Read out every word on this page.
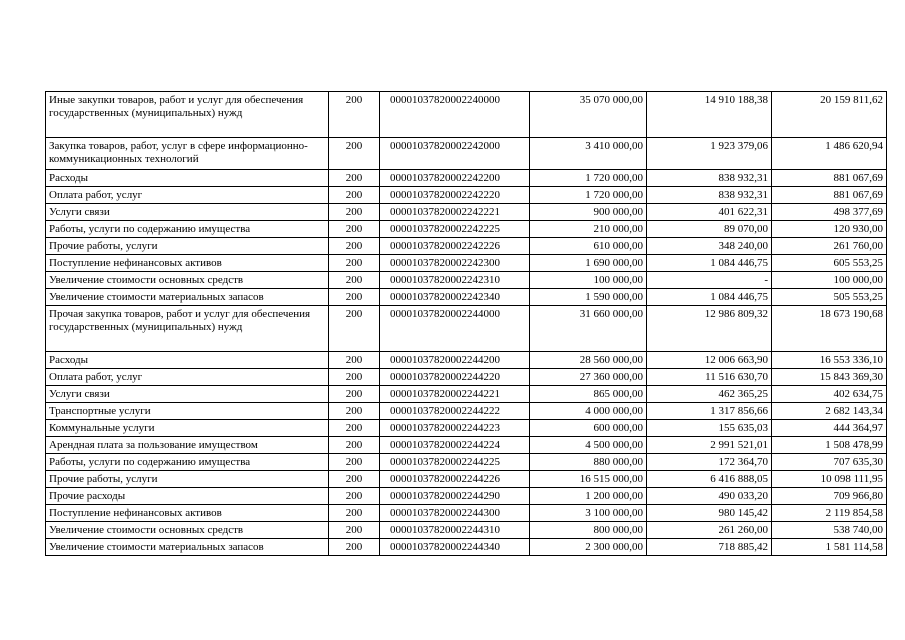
Иные закупки товаров, работ и услуг для обеспечения государственных (муниципальных) нужд	200	00001037820002240000	35 070 000,00	14 910 188,38	20 159 811,62
Закупка товаров, работ, услуг в сфере информационно-коммуникационных технологий	200	00001037820002242000	3 410 000,00	1 923 379,06	1 486 620,94
Расходы	200	00001037820002242200	1 720 000,00	838 932,31	881 067,69
Оплата работ, услуг	200	00001037820002242220	1 720 000,00	838 932,31	881 067,69
Услуги связи	200	00001037820002242221	900 000,00	401 622,31	498 377,69
Работы, услуги по содержанию имущества	200	00001037820002242225	210 000,00	89 070,00	120 930,00
Прочие работы, услуги	200	00001037820002242226	610 000,00	348 240,00	261 760,00
Поступление нефинансовых активов	200	00001037820002242300	1 690 000,00	1 084 446,75	605 553,25
Увеличение стоимости основных средств	200	00001037820002242310	100 000,00	-	100 000,00
Увеличение стоимости материальных запасов	200	00001037820002242340	1 590 000,00	1 084 446,75	505 553,25
Прочая закупка товаров, работ и услуг для обеспечения государственных (муниципальных) нужд	200	00001037820002244000	31 660 000,00	12 986 809,32	18 673 190,68
Расходы	200	00001037820002244200	28 560 000,00	12 006 663,90	16 553 336,10
Оплата работ, услуг	200	00001037820002244220	27 360 000,00	11 516 630,70	15 843 369,30
Услуги связи	200	00001037820002244221	865 000,00	462 365,25	402 634,75
Транспортные услуги	200	00001037820002244222	4 000 000,00	1 317 856,66	2 682 143,34
Коммунальные услуги	200	00001037820002244223	600 000,00	155 635,03	444 364,97
Арендная плата за пользование имуществом	200	00001037820002244224	4 500 000,00	2 991 521,01	1 508 478,99
Работы, услуги по содержанию имущества	200	00001037820002244225	880 000,00	172 364,70	707 635,30
Прочие работы, услуги	200	00001037820002244226	16 515 000,00	6 416 888,05	10 098 111,95
Прочие расходы	200	00001037820002244290	1 200 000,00	490 033,20	709 966,80
Поступление нефинансовых активов	200	00001037820002244300	3 100 000,00	980 145,42	2 119 854,58
Увеличение стоимости основных средств	200	00001037820002244310	800 000,00	261 260,00	538 740,00
Увеличение стоимости материальных запасов	200	00001037820002244340	2 300 000,00	718 885,42	1 581 114,58
